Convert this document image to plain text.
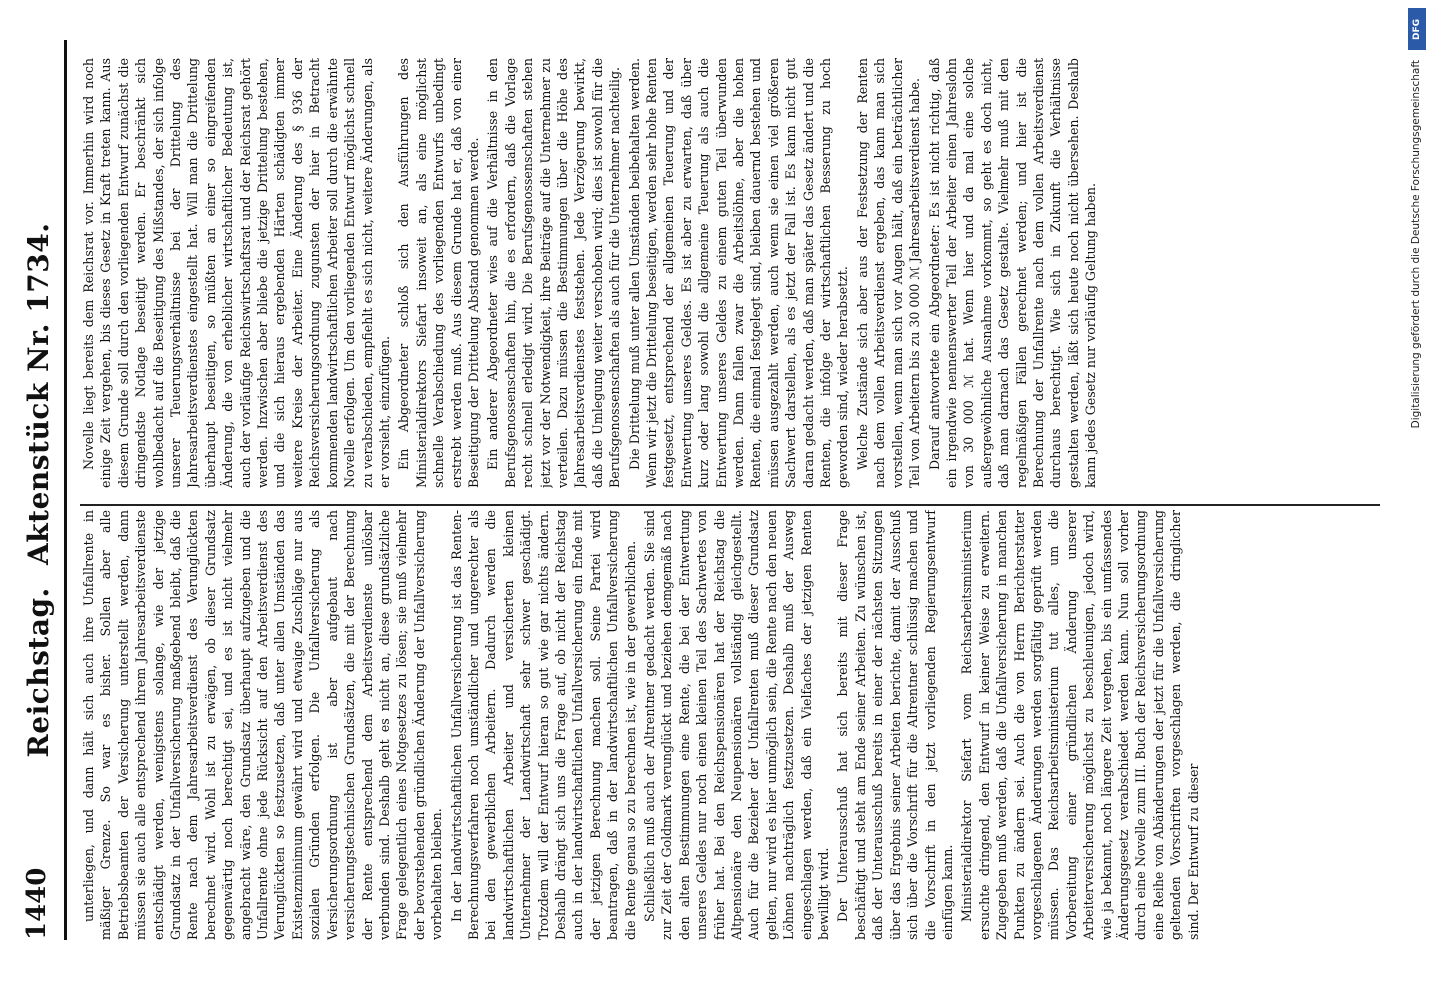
1440
Reichstag. Aktenstück Nr. 1734.

unterliegen, und dann hält sich auch ihre Unfallrente in mäßiger Grenze. So war es bisher. Sollen aber alle Betriebsbeamten der Versicherung unterstellt werden, dann müssen sie auch alle entsprechend ihrem Jahresarbeitsverdienste entschädigt werden, wenigstens solange, wie der jetzige Grundsatz in der Unfallversicherung maßgebend bleibt, daß die Rente nach dem Jahresarbeitsverdienst des Verunglückten berechnet wird. Wohl ist zu erwägen, ob dieser Grundsatz gegenwärtig noch berechtigt sei, und es ist nicht vielmehr angebracht wäre, den Grundsatz überhaupt aufzugeben und die Unfallrente ohne jede Rücksicht auf den Arbeitsverdienst des Verunglückten so festzusetzen, daß unter allen Umständen das Existenzminimum gewährt wird und etwaige Zuschläge nur aus sozialen Gründen erfolgen. Die Unfallversicherung als Versicherungsordnung ist aber aufgebaut nach versicherungstechnischen Grundsätzen, die mit der Berechnung der Rente entsprechend dem Arbeitsverdienste unlösbar verbunden sind. Deshalb geht es nicht an, diese grundsätzliche Frage gelegentlich eines Notgesetzes zu lösen; sie muß vielmehr der bevorstehenden gründlichen Änderung der Unfallversicherung vorbehalten bleiben. In der landwirtschaftlichen Unfallversicherung ist das Renten-Berechnungsverfahren noch umständlicher und ungerechter als bei den gewerblichen Arbeitern. Dadurch werden die landwirtschaftlichen Arbeiter und versicherten kleinen Unternehmer der Landwirtschaft sehr schwer geschädigt. Trotzdem will der Entwurf hieran so gut wie gar nichts ändern. Deshalb drängt sich uns die Frage auf, ob nicht der Reichstag auch in der landwirtschaftlichen Unfallversicherung ein Ende mit der jetzigen Berechnung machen soll. Seine Partei wird beantragen, daß in der landwirtschaftlichen Unfallversicherung die Rente genau so zu berechnen ist, wie in der gewerblichen. Schließlich muß auch der Altrentner gedacht werden. Sie sind zur Zeit der Goldmark verunglückt und beziehen demgemäß nach den alten Bestimmungen eine Rente, die bei der Entwertung unseres Geldes nur noch einen kleinen Teil des Sachwertes von früher hat. Bei den Reichspensionären hat der Reichstag die Altpensionäre den Neupensionären vollständig gleichgestellt. Auch für die Bezieher der Unfallrenten muß dieser Grundsatz gelten, nur wird es hier unmöglich sein, die Rente nach den neuen Löhnen nachträglich festzusetzen. Deshalb muß der Ausweg eingeschlagen werden, daß ein Vielfaches der jetzigen Renten bewilligt wird. Der Unterausschuß hat sich bereits mit dieser Frage beschäftigt und steht am Ende seiner Arbeiten. Zu wünschen ist, daß der Unterausschuß bereits in einer der nächsten Sitzungen über das Ergebnis seiner Arbeiten berichte, damit der Ausschuß sich über die Vorschrift für die Altrentner schlüssig machen und die Vorschrift in den jetzt vorliegenden Regierungsentwurf einfügen kann. Ministerialdirektor Siefart vom Reichsarbeitsministerium ersuchte dringend, den Entwurf in keiner Weise zu erweitern. Zugegeben muß werden, daß die Unfallversicherung in manchen Punkten zu ändern sei. Auch die von Herrn Berichterstatter vorgeschlagenen Änderungen werden sorgfältig geprüft werden müssen. Das Reichsarbeitsministerium tut alles, um die Vorbereitung einer gründlichen Änderung unserer Arbeiterversicherung möglichst zu beschleunigen, jedoch wird, wie ja bekannt, noch längere Zeit vergehen, bis ein umfassendes Änderungsgesetz verabschiedet werden kann. Nun soll vorher durch eine Novelle zum III. Buch der Reichsversicherungsordnung eine Reihe von Abänderungen der jetzt für die Unfallversicherung geltenden Vorschriften vorgeschlagen werden, die dringlicher sind. Der Entwurf zu dieser

Novelle liegt bereits dem Reichsrat vor. Immerhin wird noch einige Zeit vergehen, bis dieses Gesetz in Kraft treten kann. Aus diesem Grunde soll durch den vorliegenden Entwurf zunächst die dringendste Notlage beseitigt werden. Er beschränkt sich wohlbedacht auf die Beseitigung des Mißstandes, der sich infolge unserer Teuerungsverhältnisse bei der Drittelung des Jahresarbeitsverdienstes eingestellt hat. Will man die Drittelung überhaupt beseitigen, so müßten an einer so eingreifenden Änderung, die von erheblicher wirtschaftlicher Bedeutung ist, auch der vorläufige Reichswirtschaftsrat und der Reichsrat gehört werden. Inzwischen aber bliebe die jetzige Drittelung bestehen, und die sich hieraus ergebenden Härten schädigten immer weitere Kreise der Arbeiter. Eine Änderung des § 936 der Reichsversicherungsordnung zugunsten der hier in Betracht kommenden landwirtschaftlichen Arbeiter soll durch die erwähnte Novelle erfolgen. Um den vorliegenden Entwurf möglichst schnell zu verabschieden, empfiehlt es sich nicht, weitere Änderungen, als er vorsieht, einzufügen. Ein Abgeordneter schloß sich den Ausführungen des Ministerialdirektors Siefart insoweit an, als eine möglichst schnelle Verabschiedung des vorliegenden Entwurfs unbedingt erstrebt werden muß. Aus diesem Grunde hat er, daß von einer Beseitigung der Drittelung Abstand genommen werde. Ein anderer Abgeordneter wies auf die Verhältnisse in den Berufsgenossenschaften hin, die es erfordern, daß die Vorlage recht schnell erledigt wird. Die Berufsgenossenschaften stehen jetzt vor der Notwendigkeit, ihre Beiträge auf die Unternehmer zu verteilen. Dazu müssen die Bestimmungen über die Höhe des Jahresarbeitsverdienstes feststehen. Jede Verzögerung bewirkt, daß die Umlegung weiter verschoben wird; dies ist sowohl für die Berufsgenossenschaften als auch für die Unternehmer nachteilig. Die Drittelung muß unter allen Umständen beibehalten werden. Wenn wir jetzt die Drittelung beseitigen, werden sehr hohe Renten festgesetzt, entsprechend der allgemeinen Teuerung und der Entwertung unseres Geldes. Es ist aber zu erwarten, daß über kurz oder lang sowohl die allgemeine Teuerung als auch die Entwertung unseres Geldes zu einem guten Teil überwunden werden. Dann fallen zwar die Arbeitslöhne, aber die hohen Renten, die einmal festgelegt sind, bleiben dauernd bestehen und müssen ausgezahlt werden, auch wenn sie einen viel größeren Sachwert darstellen, als es jetzt der Fall ist. Es kann nicht gut daran gedacht werden, daß man später das Gesetz ändert und die Renten, die infolge der wirtschaftlichen Besserung zu hoch geworden sind, wieder herabsetzt. Welche Zustände sich aber aus der Festsetzung der Renten nach dem vollen Arbeitsverdienst ergeben, das kann man sich vorstellen, wenn man sich vor Augen hält, daß ein beträchtlicher Teil von Arbeitern bis zu 30 000 ℳ Jahresarbeitsverdienst habe. Darauf antwortete ein Abgeordneter: Es ist nicht richtig, daß ein irgendwie nennenswerter Teil der Arbeiter einen Jahreslohn von 30 000 ℳ hat. Wenn hier und da mal eine solche außergewöhnliche Ausnahme vorkommt, so geht es doch nicht, daß man darnach das Gesetz gestalte. Vielmehr muß mit den regelmäßigen Fällen gerechnet werden; und hier ist die Berechnung der Unfallrente nach dem vollen Arbeitsverdienst durchaus berechtigt. Wie sich in Zukunft die Verhältnisse gestalten werden, läßt sich heute noch nicht übersehen. Deshalb kann jedes Gesetz nur vorläufig Geltung haben.

DFG
Digitalisierung gefördert durch die Deutsche Forschungsgemeinschaft
